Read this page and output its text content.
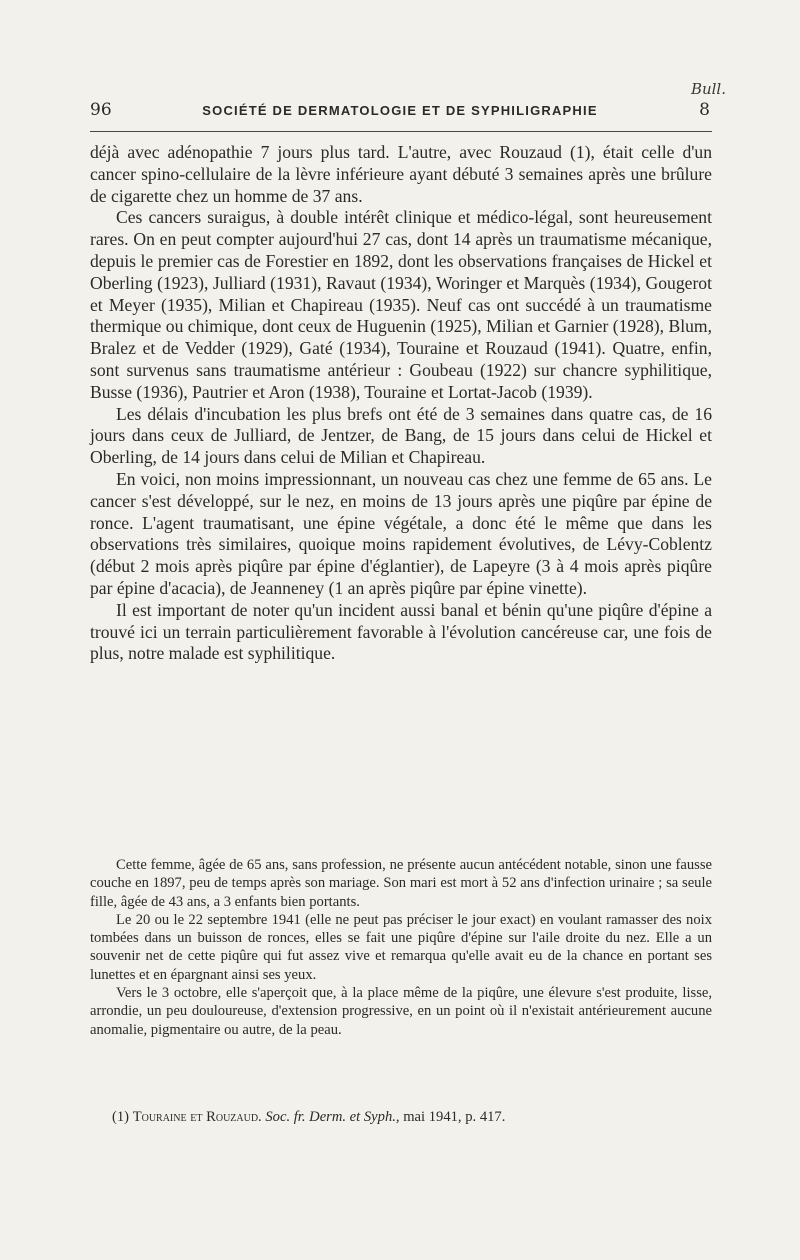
Bull.
96	SOCIÉTÉ DE DERMATOLOGIE ET DE SYPHILIGRAPHIE	8

déjà avec adénopathie 7 jours plus tard. L'autre, avec Rouzaud (1), était celle d'un cancer spino-cellulaire de la lèvre inférieure ayant débuté 3 semaines après une brûlure de cigarette chez un homme de 37 ans.

Ces cancers suraigus, à double intérêt clinique et médico-légal, sont heureusement rares. On en peut compter aujourd'hui 27 cas, dont 14 après un traumatisme mécanique, depuis le premier cas de Forestier en 1892, dont les observations françaises de Hickel et Oberling (1923), Julliard (1931), Ravaut (1934), Woringer et Marquès (1934), Gougerot et Meyer (1935), Milian et Chapireau (1935). Neuf cas ont succédé à un traumatisme thermique ou chimique, dont ceux de Huguenin (1925), Milian et Garnier (1928), Blum, Bralez et de Vedder (1929), Gaté (1934), Touraine et Rouzaud (1941). Quatre, enfin, sont survenus sans traumatisme antérieur : Goubeau (1922) sur chancre syphilitique, Busse (1936), Pautrier et Aron (1938), Touraine et Lortat-Jacob (1939).

Les délais d'incubation les plus brefs ont été de 3 semaines dans quatre cas, de 16 jours dans ceux de Julliard, de Jentzer, de Bang, de 15 jours dans celui de Hickel et Oberling, de 14 jours dans celui de Milian et Chapireau.

En voici, non moins impressionnant, un nouveau cas chez une femme de 65 ans. Le cancer s'est développé, sur le nez, en moins de 13 jours après une piqûre par épine de ronce. L'agent traumatisant, une épine végétale, a donc été le même que dans les observations très similaires, quoique moins rapidement évolutives, de Lévy-Coblentz (début 2 mois après piqûre par épine d'églantier), de Lapeyre (3 à 4 mois après piqûre par épine d'acacia), de Jeanneney (1 an après piqûre par épine vinette).

Il est important de noter qu'un incident aussi banal et bénin qu'une piqûre d'épine a trouvé ici un terrain particulièrement favorable à l'évolution cancéreuse car, une fois de plus, notre malade est syphilitique.

Cette femme, âgée de 65 ans, sans profession, ne présente aucun antécédent notable, sinon une fausse couche en 1897, peu de temps après son mariage. Son mari est mort à 52 ans d'infection urinaire ; sa seule fille, âgée de 43 ans, a 3 enfants bien portants.

Le 20 ou le 22 septembre 1941 (elle ne peut pas préciser le jour exact) en voulant ramasser des noix tombées dans un buisson de ronces, elles se fait une piqûre d'épine sur l'aile droite du nez. Elle a un souvenir net de cette piqûre qui fut assez vive et remarqua qu'elle avait eu de la chance en portant ses lunettes et en épargnant ainsi ses yeux.

Vers le 3 octobre, elle s'aperçoit que, à la place même de la piqûre, une élevure s'est produite, lisse, arrondie, un peu douloureuse, d'extension progressive, en un point où il n'existait antérieurement aucune anomalie, pigmentaire ou autre, de la peau.

(1) Touraine et Rouzaud. Soc. fr. Derm. et Syph., mai 1941, p. 417.
